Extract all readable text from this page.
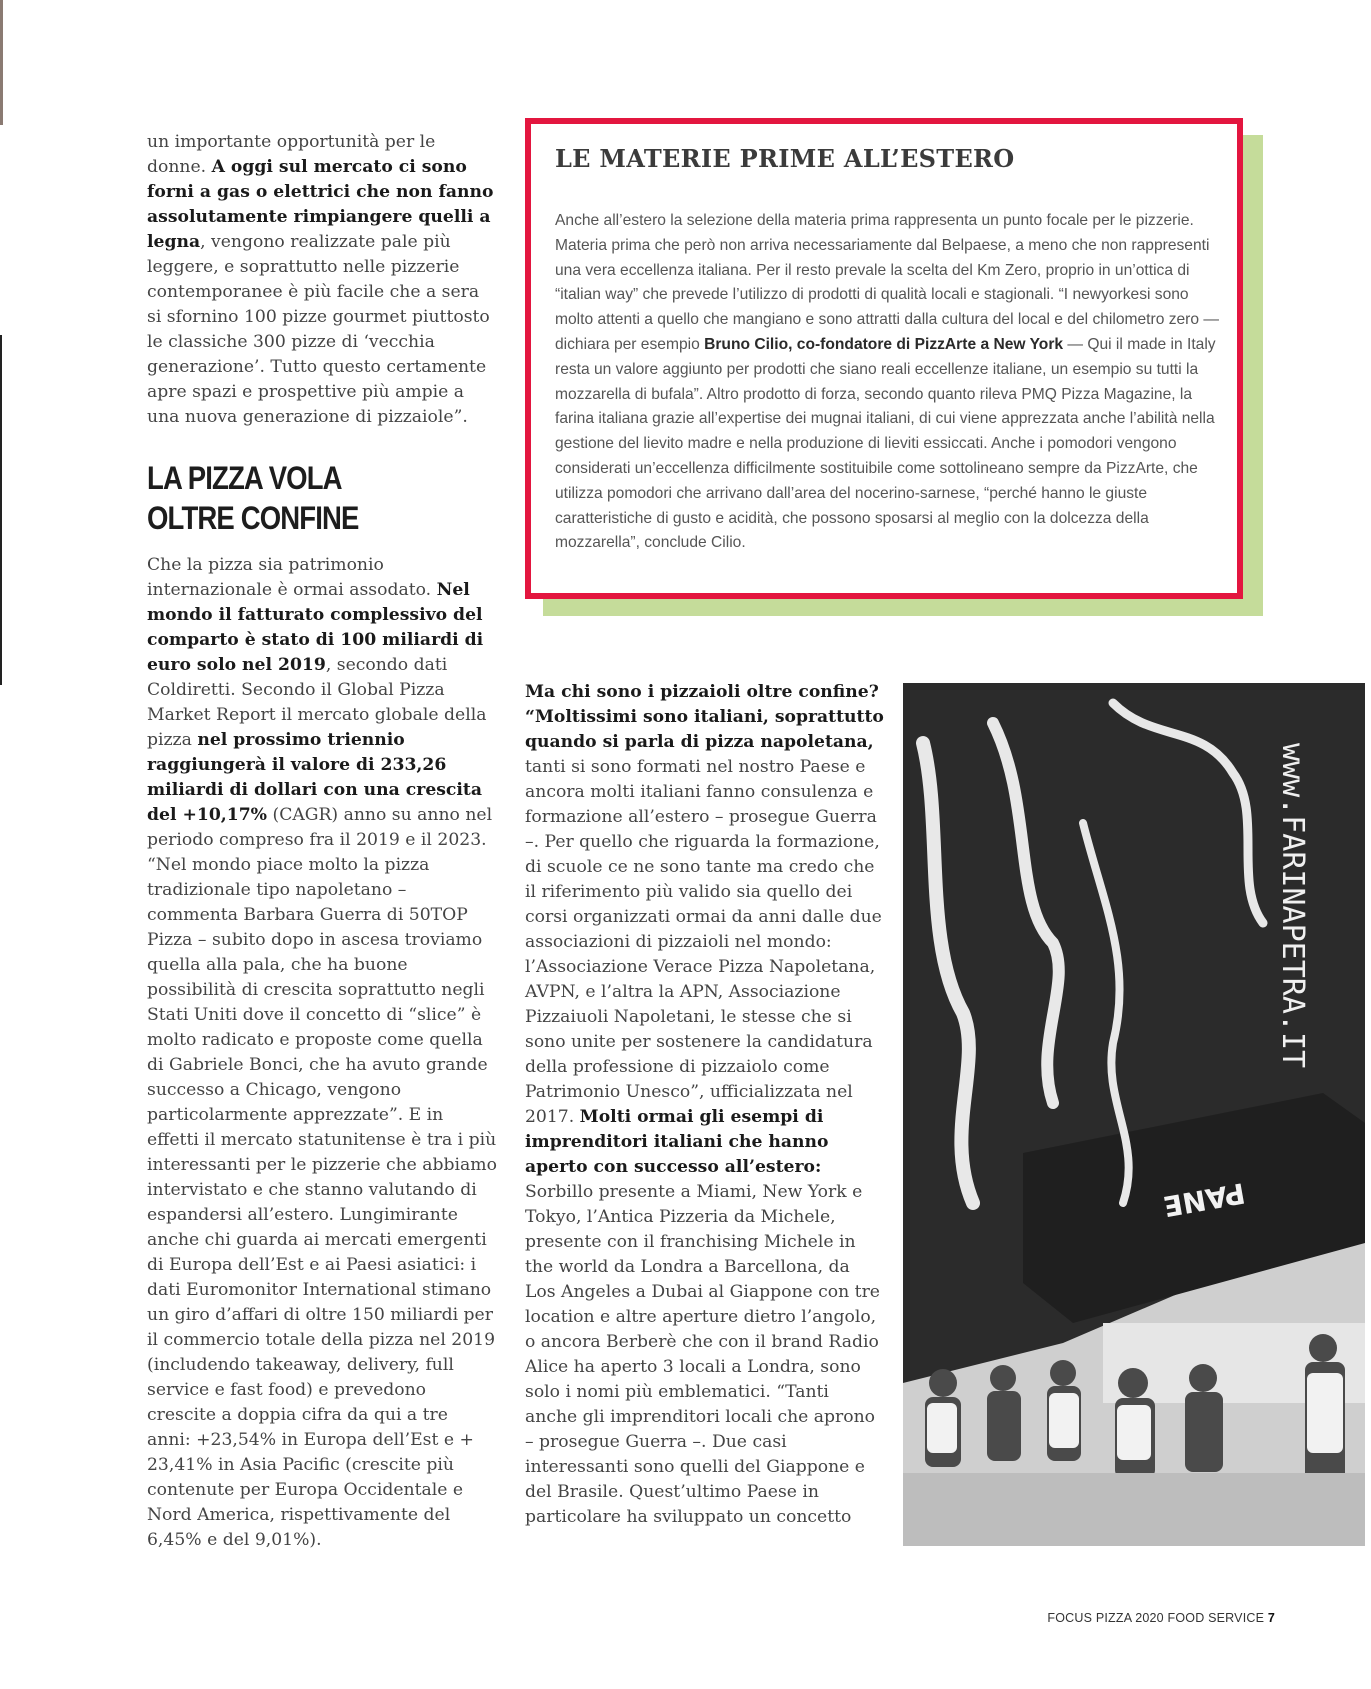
un importante opportunità per le donne. A oggi sul mercato ci sono forni a gas o elettrici che non fanno assolutamente rimpiangere quelli a legna, vengono realizzate pale più leggere, e soprattutto nelle pizzerie contemporanee è più facile che a sera si sfornino 100 pizze gourmet piuttosto le classiche 300 pizze di ‘vecchia generazione’. Tutto questo certamente apre spazi e prospettive più ampie a una nuova generazione di pizzaiole”.

LA PIZZA VOLA
OLTRE CONFINE

Che la pizza sia patrimonio internazionale è ormai assodato. Nel mondo il fatturato complessivo del comparto è stato di 100 miliardi di euro solo nel 2019, secondo dati Coldiretti. Secondo il Global Pizza Market Report il mercato globale della pizza nel prossimo triennio raggiungerà il valore di 233,26 miliardi di dollari con una crescita del +10,17% (CAGR) anno su anno nel periodo compreso fra il 2019 e il 2023. “Nel mondo piace molto la pizza tradizionale tipo napoletano – commenta Barbara Guerra di 50TOP Pizza – subito dopo in ascesa troviamo quella alla pala, che ha buone possibilità di crescita soprattutto negli Stati Uniti dove il concetto di “slice” è molto radicato e proposte come quella di Gabriele Bonci, che ha avuto grande successo a Chicago, vengono particolarmente apprezzate”. E in effetti il mercato statunitense è tra i più interessanti per le pizzerie che abbiamo intervistato e che stanno valutando di espandersi all’estero. Lungimirante anche chi guarda ai mercati emergenti di Europa dell’Est e ai Paesi asiatici: i dati Euromonitor International stimano un giro d’affari di oltre 150 miliardi per il commercio totale della pizza nel 2019 (includendo takeaway, delivery, full service e fast food) e prevedono crescite a doppia cifra da qui a tre anni: +23,54% in Europa dell’Est e + 23,41% in Asia Pacific (crescite più contenute per Europa Occidentale e Nord America, rispettivamente del 6,45% e del 9,01%).

LE MATERIE PRIME ALL’ESTERO
Anche all’estero la selezione della materia prima rappresenta un punto focale per le pizzerie. Materia prima che però non arriva necessariamente dal Belpaese, a meno che non rappresenti una vera eccellenza italiana. Per il resto prevale la scelta del Km Zero, proprio in un’ottica di “italian way” che prevede l’utilizzo di prodotti di qualità locali e stagionali. “I newyorkesi sono molto attenti a quello che mangiano e sono attratti dalla cultura del local e del chilometro zero — dichiara per esempio Bruno Cilio, co-fondatore di PizzArte a New York — Qui il made in Italy resta un valore aggiunto per prodotti che siano reali eccellenze italiane, un esempio su tutti la mozzarella di bufala”. Altro prodotto di forza, secondo quanto rileva PMQ Pizza Magazine, la farina italiana grazie all’expertise dei mugnai italiani, di cui viene apprezzata anche l’abilità nella gestione del lievito madre e nella produzione di lieviti essiccati. Anche i pomodori vengono considerati un’eccellenza difficilmente sostituibile come sottolineano sempre da PizzArte, che utilizza pomodori che arrivano dall’area del nocerino-sarnese, “perché hanno le giuste caratteristiche di gusto e acidità, che possono sposarsi al meglio con la dolcezza della mozzarella”, conclude Cilio.

Ma chi sono i pizzaioli oltre confine? “Moltissimi sono italiani, soprattutto quando si parla di pizza napoletana, tanti si sono formati nel nostro Paese e ancora molti italiani fanno consulenza e formazione all’estero – prosegue Guerra –. Per quello che riguarda la formazione, di scuole ce ne sono tante ma credo che il riferimento più valido sia quello dei corsi organizzati ormai da anni dalle due associazioni di pizzaioli nel mondo: l’Associazione Verace Pizza Napoletana, AVPN, e l’altra la APN, Associazione Pizzaiuoli Napoletani, le stesse che si sono unite per sostenere la candidatura della professione di pizzaiolo come Patrimonio Unesco”, ufficializzata nel 2017. Molti ormai gli esempi di imprenditori italiani che hanno aperto con successo all’estero: Sorbillo presente a Miami, New York e Tokyo, l’Antica Pizzeria da Michele, presente con il franchising Michele in the world da Londra a Barcellona, da Los Angeles a Dubai al Giappone con tre location e altre aperture dietro l’angolo, o ancora Berberè che con il brand Radio Alice ha aperto 3 locali a Londra, sono solo i nomi più emblematici. “Tanti anche gli imprenditori locali che aprono – prosegue Guerra –. Due casi interessanti sono quelli del Giappone e del Brasile. Quest’ultimo Paese in particolare ha sviluppato un concetto

www.FARINAPETRA.IT
PANE
FOCUS PIZZA 2020 FOOD SERVICE 7
